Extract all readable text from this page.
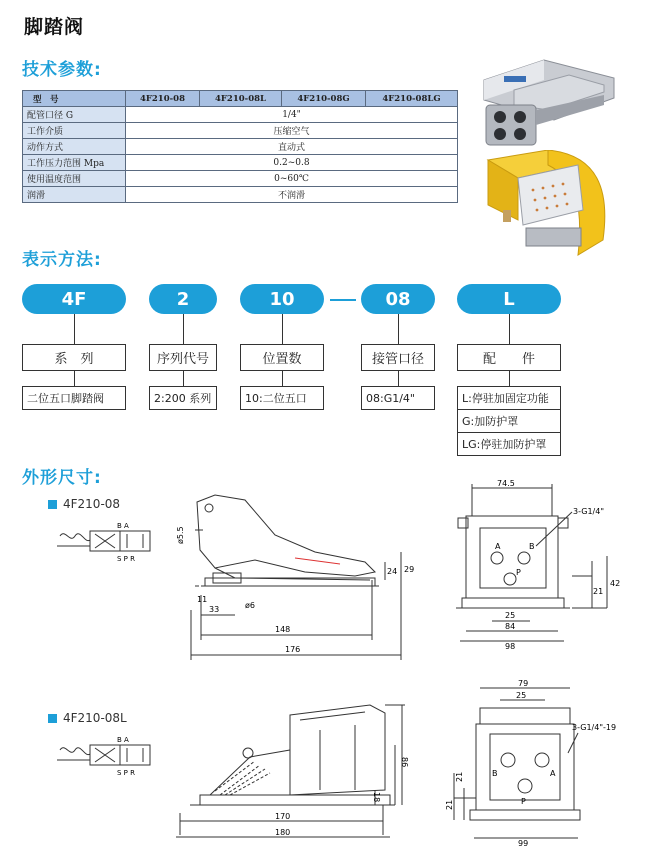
脚踏阀
技术参数:
型　号	4F210-08	4F210-08L	4F210-08G	4F210-08LG
配管口径 G	1/4"			
工作介质	压缩空气			
动作方式	直动式			
工作压力范围 Mpa	0.2~0.8			
使用温度范围	0~60℃			
润滑	不润滑			
表示方法:
4F	2	10	08	L
系　列	序列代号	位置数	接管口径	配　　件
二位五口脚踏阀	2:200 系列	10:二位五口	08:G1/4"	L:停驻加固定功能
G:加防护罩
LG:停驻加防护罩
外形尺寸:
4F210-08
B A
S P R
ø5.5
24 29
11
ø6
33
148
176
74.5
3-G1/4"
A	B
P
21
42
25
84
98
4F210-08L
B A
S P R
86
18
170
180
79
25
3-G1/4"-19
B	A
P
21
21
99
